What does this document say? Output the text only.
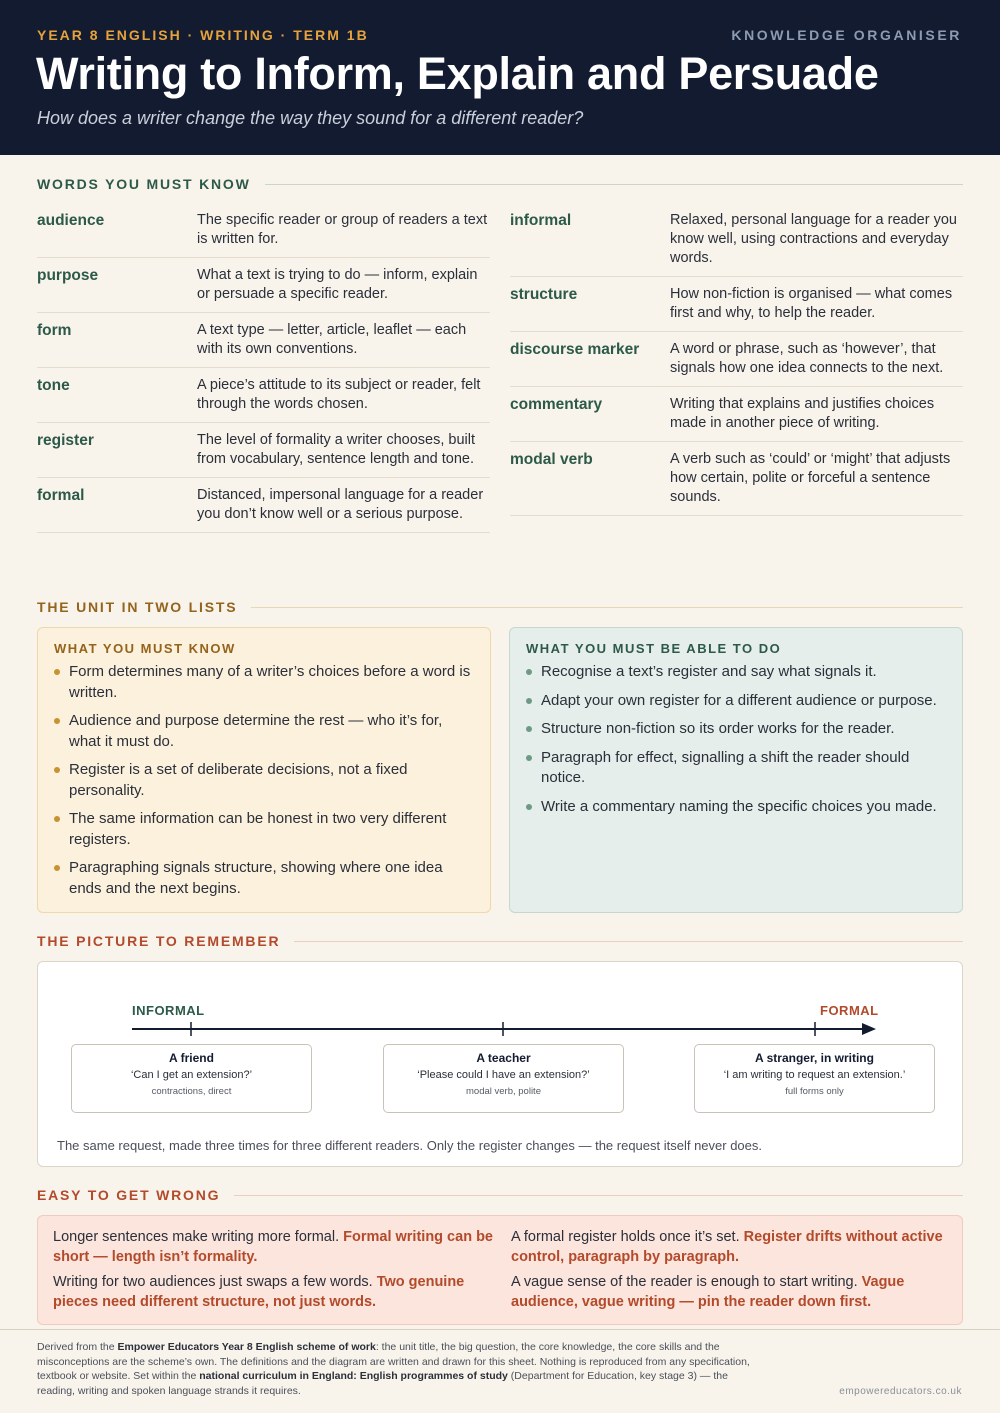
YEAR 8 ENGLISH · WRITING · TERM 1B	KNOWLEDGE ORGANISER
Writing to Inform, Explain and Persuade
How does a writer change the way they sound for a different reader?
WORDS YOU MUST KNOW
audience	The specific reader or group of readers a text is written for.
purpose	What a text is trying to do — inform, explain or persuade a specific reader.
form	A text type — letter, article, leaflet — each with its own conventions.
tone	A piece’s attitude to its subject or reader, felt through the words chosen.
register	The level of formality a writer chooses, built from vocabulary, sentence length and tone.
formal	Distanced, impersonal language for a reader you don’t know well or a serious purpose.
informal	Relaxed, personal language for a reader you know well, using contractions and everyday words.
structure	How non-fiction is organised — what comes first and why, to help the reader.
discourse marker	A word or phrase, such as ‘however’, that signals how one idea connects to the next.
commentary	Writing that explains and justifies choices made in another piece of writing.
modal verb	A verb such as ‘could’ or ‘might’ that adjusts how certain, polite or forceful a sentence sounds.
THE UNIT IN TWO LISTS
WHAT YOU MUST KNOW
Form determines many of a writer’s choices before a word is written.
Audience and purpose determine the rest — who it’s for, what it must do.
Register is a set of deliberate decisions, not a fixed personality.
The same information can be honest in two very different registers.
Paragraphing signals structure, showing where one idea ends and the next begins.
WHAT YOU MUST BE ABLE TO DO
Recognise a text’s register and say what signals it.
Adapt your own register for a different audience or purpose.
Structure non-fiction so its order works for the reader.
Paragraph for effect, signalling a shift the reader should notice.
Write a commentary naming the specific choices you made.
THE PICTURE TO REMEMBER
INFORMAL	FORMAL
A friend
‘Can I get an extension?’
contractions, direct
A teacher
‘Please could I have an extension?’
modal verb, polite
A stranger, in writing
‘I am writing to request an extension.’
full forms only
The same request, made three times for three different readers. Only the register changes — the request itself never does.
EASY TO GET WRONG

Longer sentences make writing more formal. Formal writing can be short — length isn’t formality.

Writing for two audiences just swaps a few words. Two genuine pieces need different structure, not just words.

A formal register holds once it’s set. Register drifts without active control, paragraph by paragraph.

A vague sense of the reader is enough to start writing. Vague audience, vague writing — pin the reader down first.

Derived from the Empower Educators Year 8 English scheme of work: the unit title, the big question, the core knowledge, the core skills and the misconceptions are the scheme’s own. The definitions and the diagram are written and drawn for this sheet. Nothing is reproduced from any specification, textbook or website. Set within the national curriculum in England: English programmes of study (Department for Education, key stage 3) — the reading, writing and spoken language strands it requires.	empowereducators.co.uk
